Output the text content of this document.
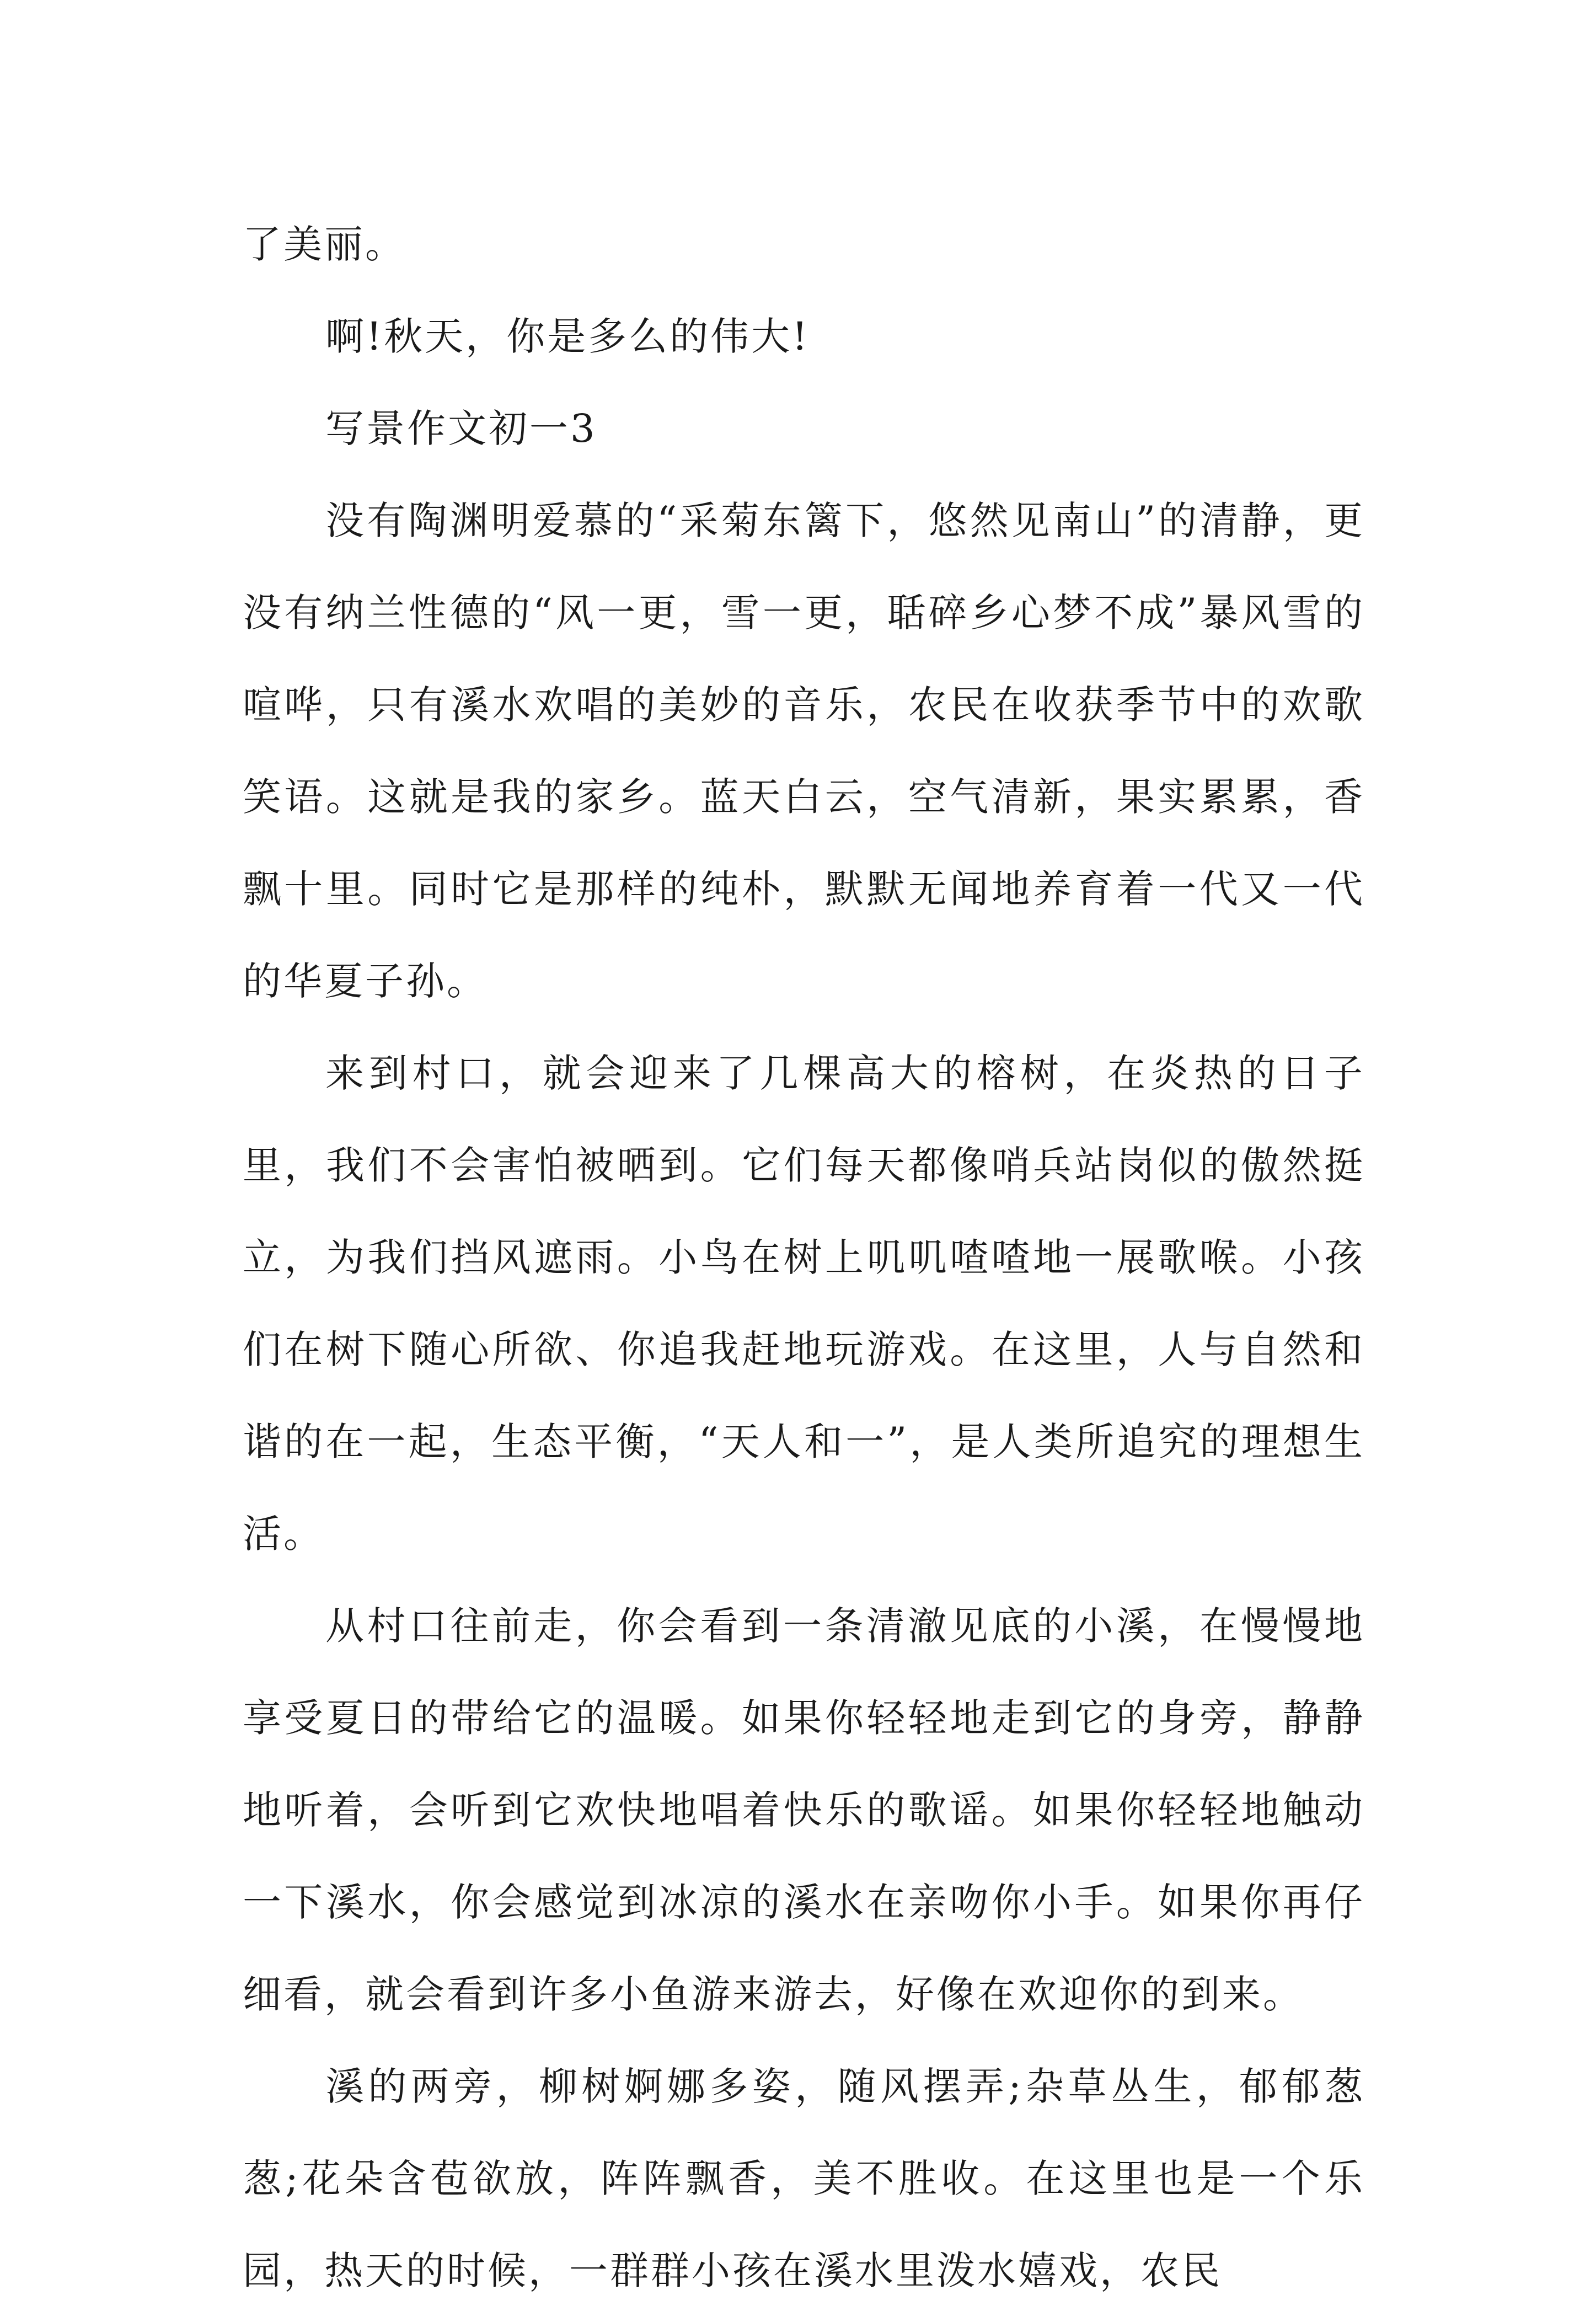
了美丽。

啊!秋天，你是多么的伟大!

写景作文初一3

没有陶渊明爱慕的“采菊东篱下，悠然见南山”的清静，更没有纳兰性德的“风一更，雪一更，聒碎乡心梦不成”暴风雪的喧哗，只有溪水欢唱的美妙的音乐，农民在收获季节中的欢歌笑语。这就是我的家乡。蓝天白云，空气清新，果实累累，香飘十里。同时它是那样的纯朴，默默无闻地养育着一代又一代的华夏子孙。

来到村口，就会迎来了几棵高大的榕树，在炎热的日子里，我们不会害怕被晒到。它们每天都像哨兵站岗似的傲然挺立，为我们挡风遮雨。小鸟在树上叽叽喳喳地一展歌喉。小孩们在树下随心所欲、你追我赶地玩游戏。在这里，人与自然和谐的在一起，生态平衡，“天人和一”，是人类所追究的理想生活。

从村口往前走，你会看到一条清澈见底的小溪，在慢慢地享受夏日的带给它的温暖。如果你轻轻地走到它的身旁，静静地听着，会听到它欢快地唱着快乐的歌谣。如果你轻轻地触动一下溪水，你会感觉到冰凉的溪水在亲吻你小手。如果你再仔细看，就会看到许多小鱼游来游去，好像在欢迎你的到来。

溪的两旁，柳树婀娜多姿，随风摆弄;杂草丛生，郁郁葱葱;花朵含苞欲放，阵阵飘香，美不胜收。在这里也是一个乐园，热天的时候，一群群小孩在溪水里泼水嬉戏，农民
